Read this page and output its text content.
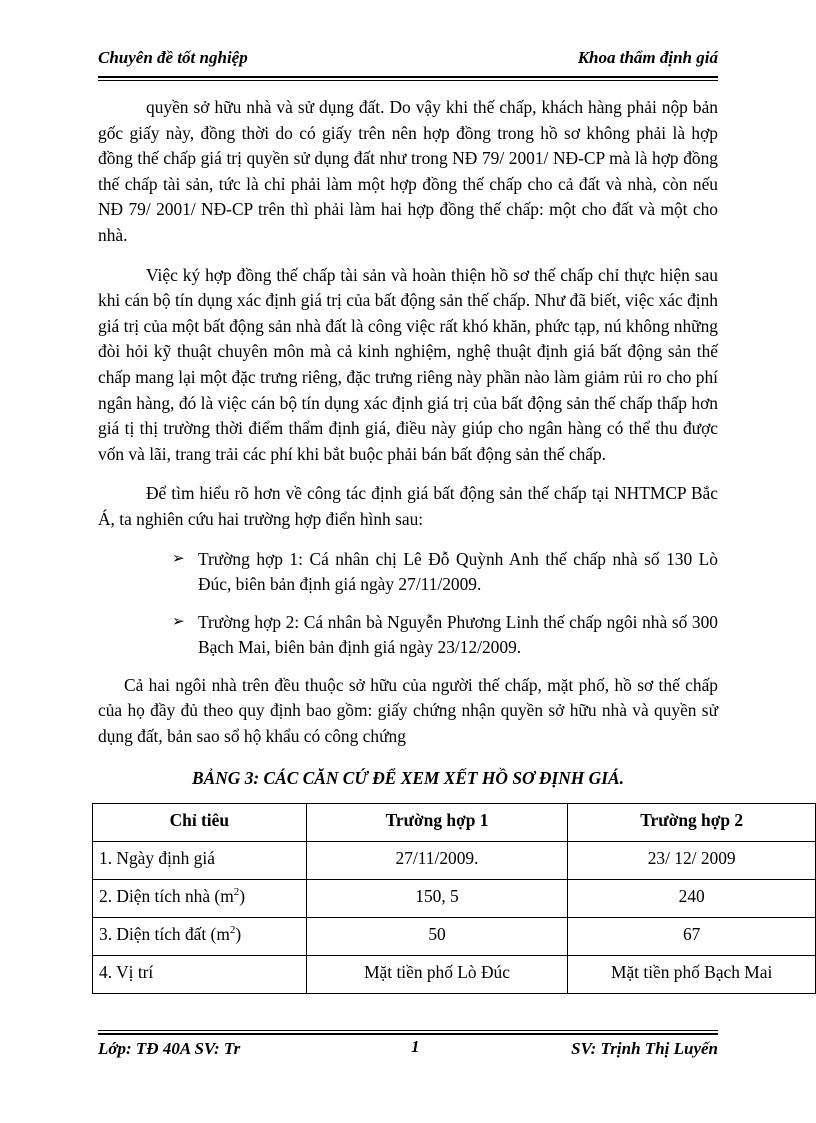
Chuyên đề tốt nghiệp	Khoa thẩm định giá

quyền sở hữu nhà và sử dụng đất. Do vậy khi thế chấp, khách hàng phải nộp bản gốc giấy này, đồng thời do có giấy trên nên hợp đồng trong hồ sơ không phải là hợp đồng thế chấp giá trị quyền sử dụng đất như trong NĐ 79/ 2001/ NĐ-CP mà là hợp đồng thế chấp tài sản, tức là chỉ phải làm một hợp đồng thế chấp cho cả đất và nhà, còn nếu NĐ 79/ 2001/ NĐ-CP trên thì phải làm hai hợp đồng thế chấp: một cho đất và một cho nhà.

Việc ký hợp đồng thế chấp tài sản và hoàn thiện hồ sơ thế chấp chỉ thực hiện sau khi cán bộ tín dụng xác định giá trị của bất động sản thế chấp. Như đã biết, việc xác định giá trị của một bất động sản nhà đất là công việc rất khó khăn, phức tạp, nú không những đòi hỏi kỹ thuật chuyên môn mà cả kinh nghiệm, nghệ thuật định giá bất động sản thế chấp mang lại một đặc trưng riêng, đặc trưng riêng này phần nào làm giảm rủi ro cho phí ngân hàng, đó là việc cán bộ tín dụng xác định giá trị của bất động sản thế chấp thấp hơn giá tị thị trường thời điểm thẩm định giá, điều này giúp cho ngân hàng có thể thu được vốn và lãi, trang trải các phí khi bắt buộc phải bán bất động sản thế chấp.

Để tìm hiểu rõ hơn về công tác định giá bất động sản thế chấp tại NHTMCP Bắc Á, ta nghiên cứu hai trường hợp điển hình sau:

➢ Trường hợp 1: Cá nhân chị Lê Đỗ Quỳnh Anh thế chấp nhà số 130 Lò Đúc, biên bản định giá ngày 27/11/2009.
➢ Trường hợp 2: Cá nhân bà Nguyễn Phương Linh thế chấp ngôi nhà số 300 Bạch Mai, biên bản định giá ngày 23/12/2009.

Cả hai ngôi nhà trên đều thuộc sở hữu của người thế chấp, mặt phố, hồ sơ thế chấp của họ đầy đủ theo quy định bao gồm: giấy chứng nhận quyền sở hữu nhà và quyền sử dụng đất, bản sao sổ hộ khẩu có công chứng

BẢNG 3: CÁC CĂN CỨ ĐỂ XEM XẾT HỒ SƠ ĐỊNH GIÁ.
Chỉ tiêu	Trường hợp 1	Trường hợp 2
1. Ngày định giá	27/11/2009.	23/ 12/ 2009
2. Diện tích nhà $(m^2)$	150, 5	240
3. Diện tích đất $(m^2)$	50	67
4. Vị trí	Mặt tiền phố Lò Đúc	Mặt tiền phố Bạch Mai
Lớp: TĐ 40A SV: Tr	1	SV: Trịnh Thị Luyến
